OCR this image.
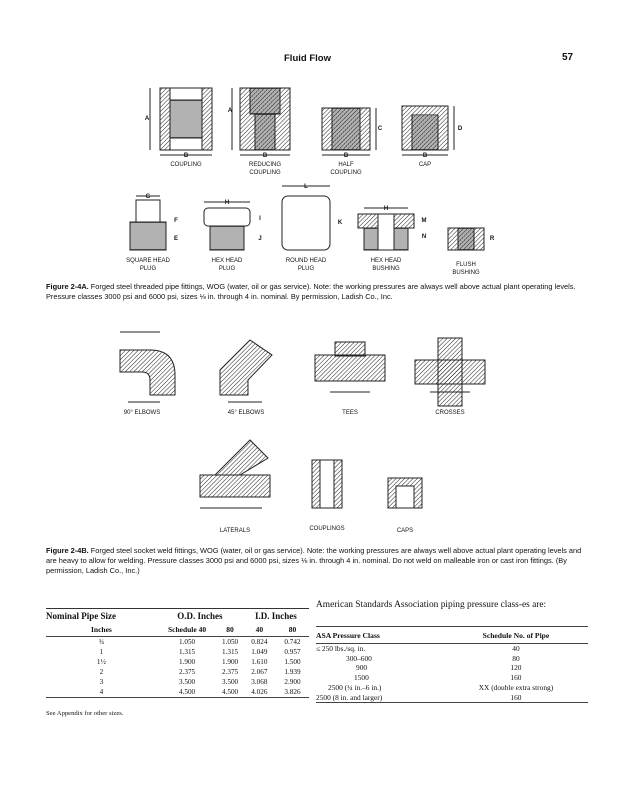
Fluid Flow	57
A
B
COUPLING
A
B
REDUCING
COUPLING
C
B
HALF
COUPLING
D
B
CAP
G
F
E
SQUARE HEAD
PLUG
H
I
J
HEX HEAD
PLUG
L
K
ROUND HEAD
PLUG
H
M
N
HEX HEAD
BUSHING
R
FLUSH
BUSHING
Figure 2-4A. Forged steel threaded pipe fittings, WOG (water, oil or gas service). Note: the working pressures are always well above actual plant operating levels. Pressure classes 3000 psi and 6000 psi, sizes ⅛ in. through 4 in. nominal. By permission, Ladish Co., Inc.
90° ELBOWS	45° ELBOWS	TEES	CROSSES
LATERALS	COUPLINGS	CAPS
Figure 2-4B. Forged steel socket weld fittings, WOG (water, oil or gas service). Note: the working pressures are always well above actual plant operating levels and are heavy to allow for welding. Pressure classes 3000 psi and 6000 psi, sizes ⅛ in. through 4 in. nominal. Do not weld on malleable iron or cast iron fittings. (By permission, Ladish Co., Inc.)
Nominal Pipe Size	O.D. Inches		I.D. Inches	
Inches	Schedule 40	80	40	80
¾	1.050	1.050	0.824	0.742
1	1.315	1.315	1.049	0.957
1½	1.900	1.900	1.610	1.500
2	2.375	2.375	2.067	1.939
3	3.500	3.500	3.068	2.900
4	4.500	4.500	4.026	3.826
See Appendix for other sizes.
American Standards Association piping pressure class-es are:
ASA Pressure Class	Schedule No. of Pipe
≤ 250 lbs./sq. in.	40
300–600	80
900	120
1500	160
2500 (¼ in.–6 in.)	XX (double extra strong)
2500 (8 in. and larger)	160
